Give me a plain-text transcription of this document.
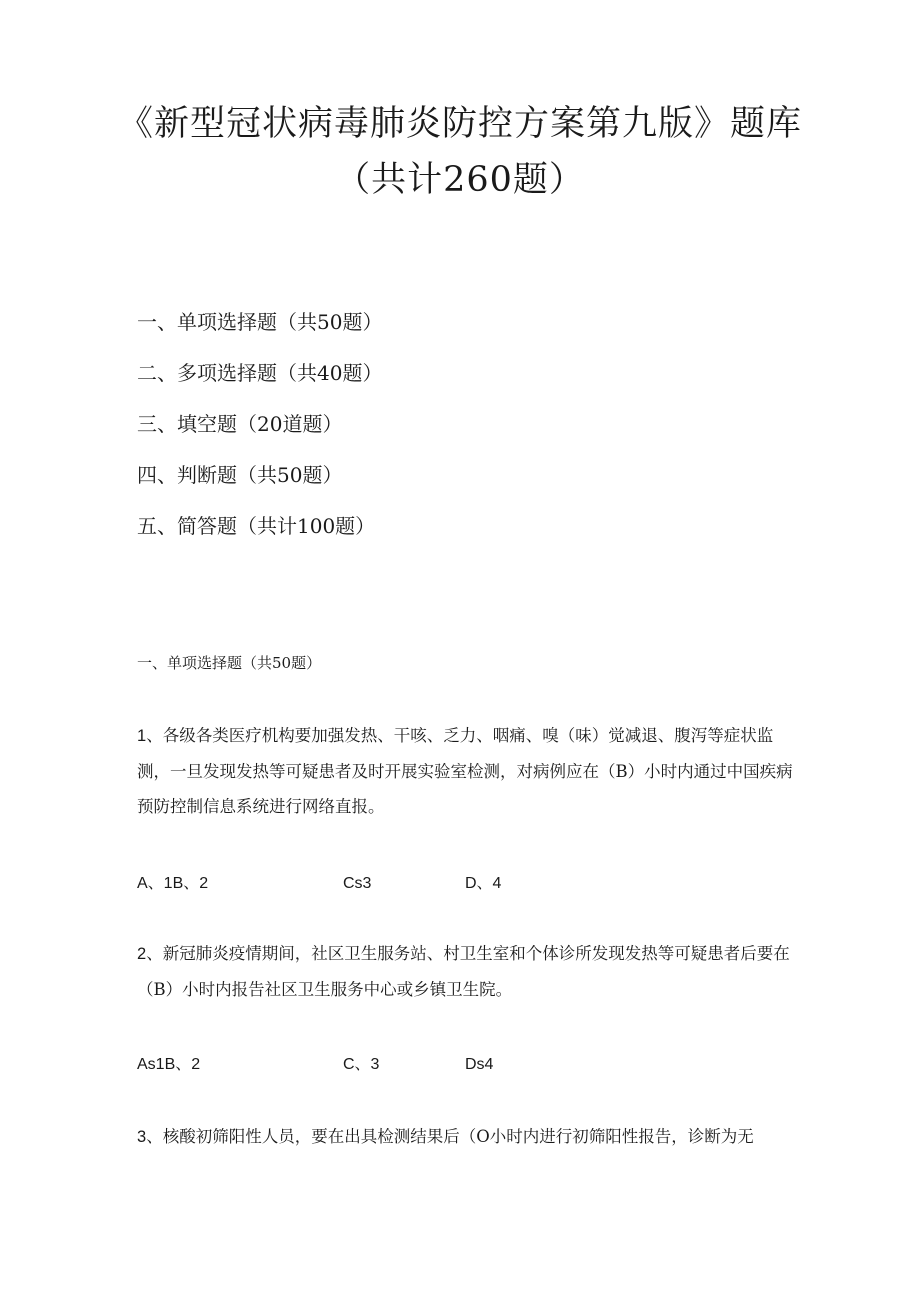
《新型冠状病毒肺炎防控方案第九版》题库
（共计260题）
一、单项选择题（共50题）
二、多项选择题（共40题）
三、填空题（20道题）
四、判断题（共50题）
五、简答题（共计100题）
一、单项选择题（共50题）

1、各级各类医疗机构要加强发热、干咳、乏力、咽痛、嗅（味）觉减退、腹泻等症状监测，一旦发现发热等可疑患者及时开展实验室检测，对病例应在（B）小时内通过中国疾病预防控制信息系统进行网络直报。

A、1B、2	Cs3	D、4

2、新冠肺炎疫情期间，社区卫生服务站、村卫生室和个体诊所发现发热等可疑患者后要在（B）小时内报告社区卫生服务中心或乡镇卫生院。

As1B、2	C、3	Ds4

3、核酸初筛阳性人员，要在出具检测结果后（O小时内进行初筛阳性报告，诊断为无
